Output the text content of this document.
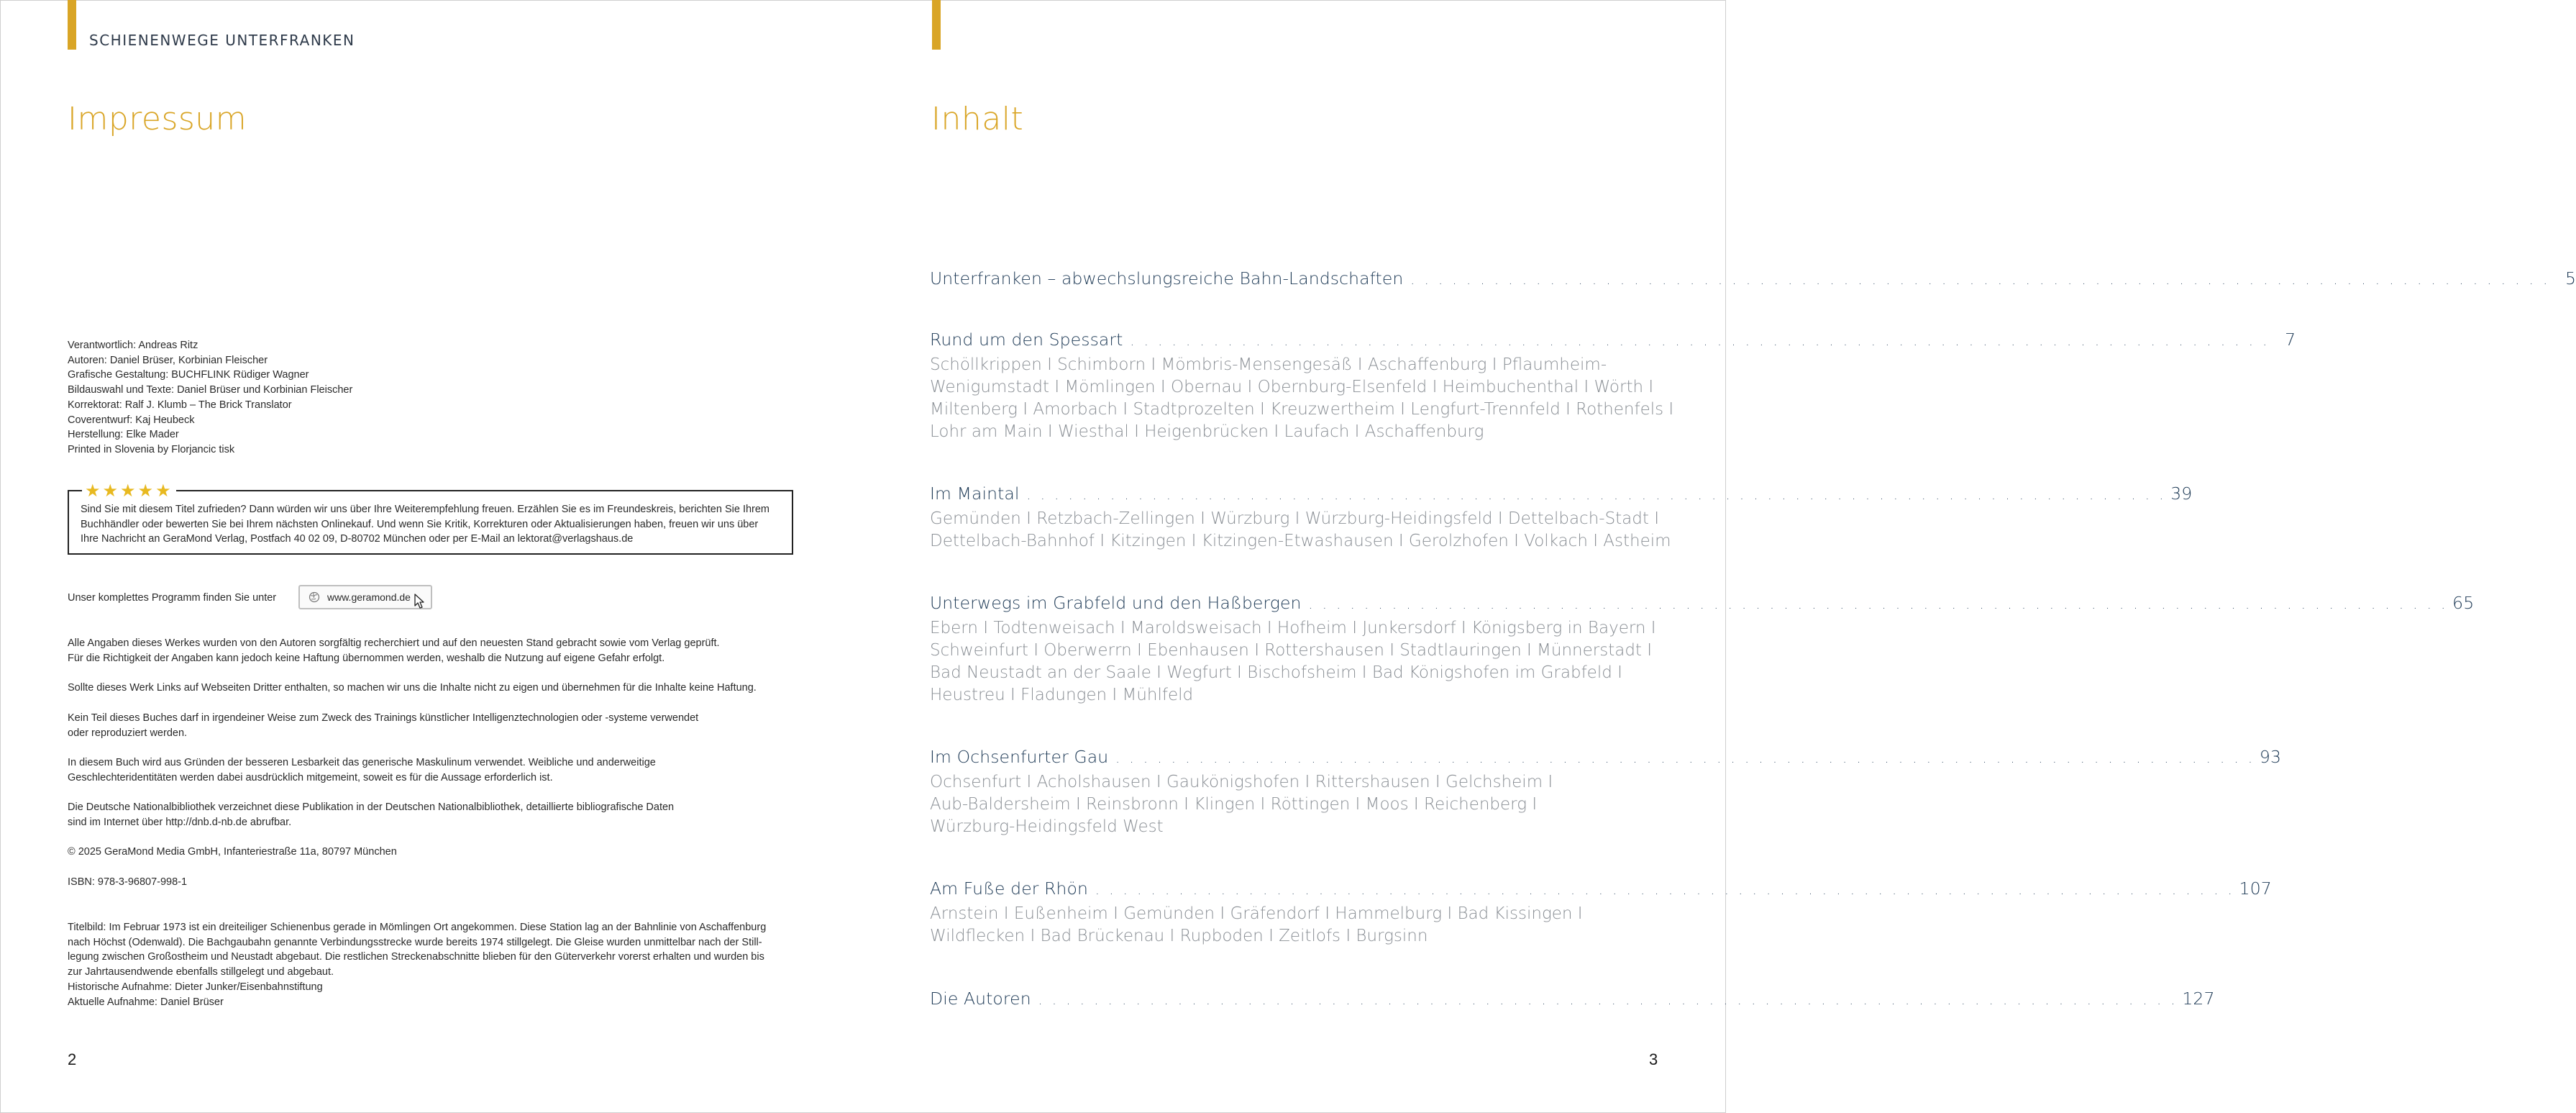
SCHIENENWEGE UNTERFRANKEN
Impressum
Verantwortlich: Andreas Ritz
Autoren: Daniel Brüser, Korbinian Fleischer
Grafische Gestaltung: BUCHFLINK Rüdiger Wagner
Bildauswahl und Texte: Daniel Brüser und Korbinian Fleischer
Korrektorat: Ralf J. Klumb – The Brick Translator
Coverentwurf: Kaj Heubeck
Herstellung: Elke Mader
Printed in Slovenia by Florjancic tisk
★★★★★
Sind Sie mit diesem Titel zufrieden? Dann würden wir uns über Ihre Weiterempfehlung freuen. Erzählen Sie es im Freundeskreis, berichten Sie Ihrem
Buchhändler oder bewerten Sie bei Ihrem nächsten Onlinekauf. Und wenn Sie Kritik, Korrekturen oder Aktualisierungen haben, freuen wir uns über
Ihre Nachricht an GeraMond Verlag, Postfach 40 02 09, D-80702 München oder per E-Mail an lektorat@verlagshaus.de
Unser komplettes Programm finden Sie unter	www.geramond.de
Alle Angaben dieses Werkes wurden von den Autoren sorgfältig recherchiert und auf den neuesten Stand gebracht sowie vom Verlag geprüft.
Für die Richtigkeit der Angaben kann jedoch keine Haftung übernommen werden, weshalb die Nutzung auf eigene Gefahr erfolgt.
Sollte dieses Werk Links auf Webseiten Dritter enthalten, so machen wir uns die Inhalte nicht zu eigen und übernehmen für die Inhalte keine Haftung.
Kein Teil dieses Buches darf in irgendeiner Weise zum Zweck des Trainings künstlicher Intelligenztechnologien oder -systeme verwendet
oder reproduziert werden.
In diesem Buch wird aus Gründen der besseren Lesbarkeit das generische Maskulinum verwendet. Weibliche und anderweitige
Geschlechteridentitäten werden dabei ausdrücklich mitgemeint, soweit es für die Aussage erforderlich ist.
Die Deutsche Nationalbibliothek verzeichnet diese Publikation in der Deutschen Nationalbibliothek, detaillierte bibliografische Daten
sind im Internet über http://dnb.d-nb.de abrufbar.
© 2025 GeraMond Media GmbH, Infanteriestraße 11a, 80797 München
ISBN: 978-3-96807-998-1
Titelbild: Im Februar 1973 ist ein dreiteiliger Schienenbus gerade in Mömlingen Ort angekommen. Diese Station lag an der Bahnlinie von Aschaffenburg
nach Höchst (Odenwald). Die Bachgaubahn genannte Verbindungsstrecke wurde bereits 1974 stillgelegt. Die Gleise wurden unmittelbar nach der Still-
legung zwischen Großostheim und Neustadt abgebaut. Die restlichen Streckenabschnitte blieben für den Güterverkehr vorerst erhalten und wurden bis
zur Jahrtausendwende ebenfalls stillgelegt und abgebaut.
Historische Aufnahme: Dieter Junker/Eisenbahnstiftung
Aktuelle Aufnahme: Daniel Brüser
2
Inhalt
Unterfranken – abwechslungsreiche Bahn-Landschaften . . . . . . . . . . . . . . . . . . . . . . . . . . . . . . . . . . . . . . . . . . . . . . . . . . . . . . . . . . . . . . . . . . . . . . . . . . . . . . . . . . 5
Rund um den Spessart . . . . . . . . . . . . . . . . . . . . . . . . . . . . . . . . . . . . . . . . . . . . . . . . . . . . . . . . . . . . . . . . . . . . . . . . . . . . . . . . . . 7
Schöllkrippen I Schimborn I Mömbris-Mensengesäß I Aschaffenburg I Pflaumheim-
Wenigumstadt I Mömlingen I Obernau I Obernburg-Elsenfeld I Heimbuchenthal I Wörth I
Miltenberg I Amorbach I Stadtprozelten I Kreuzwertheim I Lengfurt-Trennfeld I Rothenfels I
Lohr am Main I Wiesthal I Heigenbrücken I Laufach I Aschaffenburg
Im Maintal . . . . . . . . . . . . . . . . . . . . . . . . . . . . . . . . . . . . . . . . . . . . . . . . . . . . . . . . . . . . . . . . . . . . . . . . . . . . . . . . . . 39
Gemünden I Retzbach-Zellingen I Würzburg I Würzburg-Heidingsfeld I Dettelbach-Stadt I
Dettelbach-Bahnhof I Kitzingen I Kitzingen-Etwashausen I Gerolzhofen I Volkach I Astheim
Unterwegs im Grabfeld und den Haßbergen . . . . . . . . . . . . . . . . . . . . . . . . . . . . . . . . . . . . . . . . . . . . . . . . . . . . . . . . . . . . . . . . . . . . . . . . . . . . . . . . . . 65
Ebern I Todtenweisach I Maroldsweisach I Hofheim I Junkersdorf I Königsberg in Bayern I
Schweinfurt I Oberwerrn I Ebenhausen I Rottershausen I Stadtlauringen I Münnerstadt I
Bad Neustadt an der Saale I Wegfurt I Bischofsheim I Bad Königshofen im Grabfeld I
Heustreu I Fladungen I Mühlfeld
Im Ochsenfurter Gau . . . . . . . . . . . . . . . . . . . . . . . . . . . . . . . . . . . . . . . . . . . . . . . . . . . . . . . . . . . . . . . . . . . . . . . . . . . . . . . . . . 93
Ochsenfurt I Acholshausen I Gaukönigshofen I Rittershausen I Gelchsheim I
Aub-Baldersheim I Reinsbronn I Klingen I Röttingen I Moos I Reichenberg I
Würzburg-Heidingsfeld West
Am Fuße der Rhön . . . . . . . . . . . . . . . . . . . . . . . . . . . . . . . . . . . . . . . . . . . . . . . . . . . . . . . . . . . . . . . . . . . . . . . . . . . . . . . . . . 107
Arnstein I Eußenheim I Gemünden I Gräfendorf I Hammelburg I Bad Kissingen I
Wildflecken I Bad Brückenau I Rupboden I Zeitlofs I Burgsinn
Die Autoren . . . . . . . . . . . . . . . . . . . . . . . . . . . . . . . . . . . . . . . . . . . . . . . . . . . . . . . . . . . . . . . . . . . . . . . . . . . . . . . . . . 127
3
